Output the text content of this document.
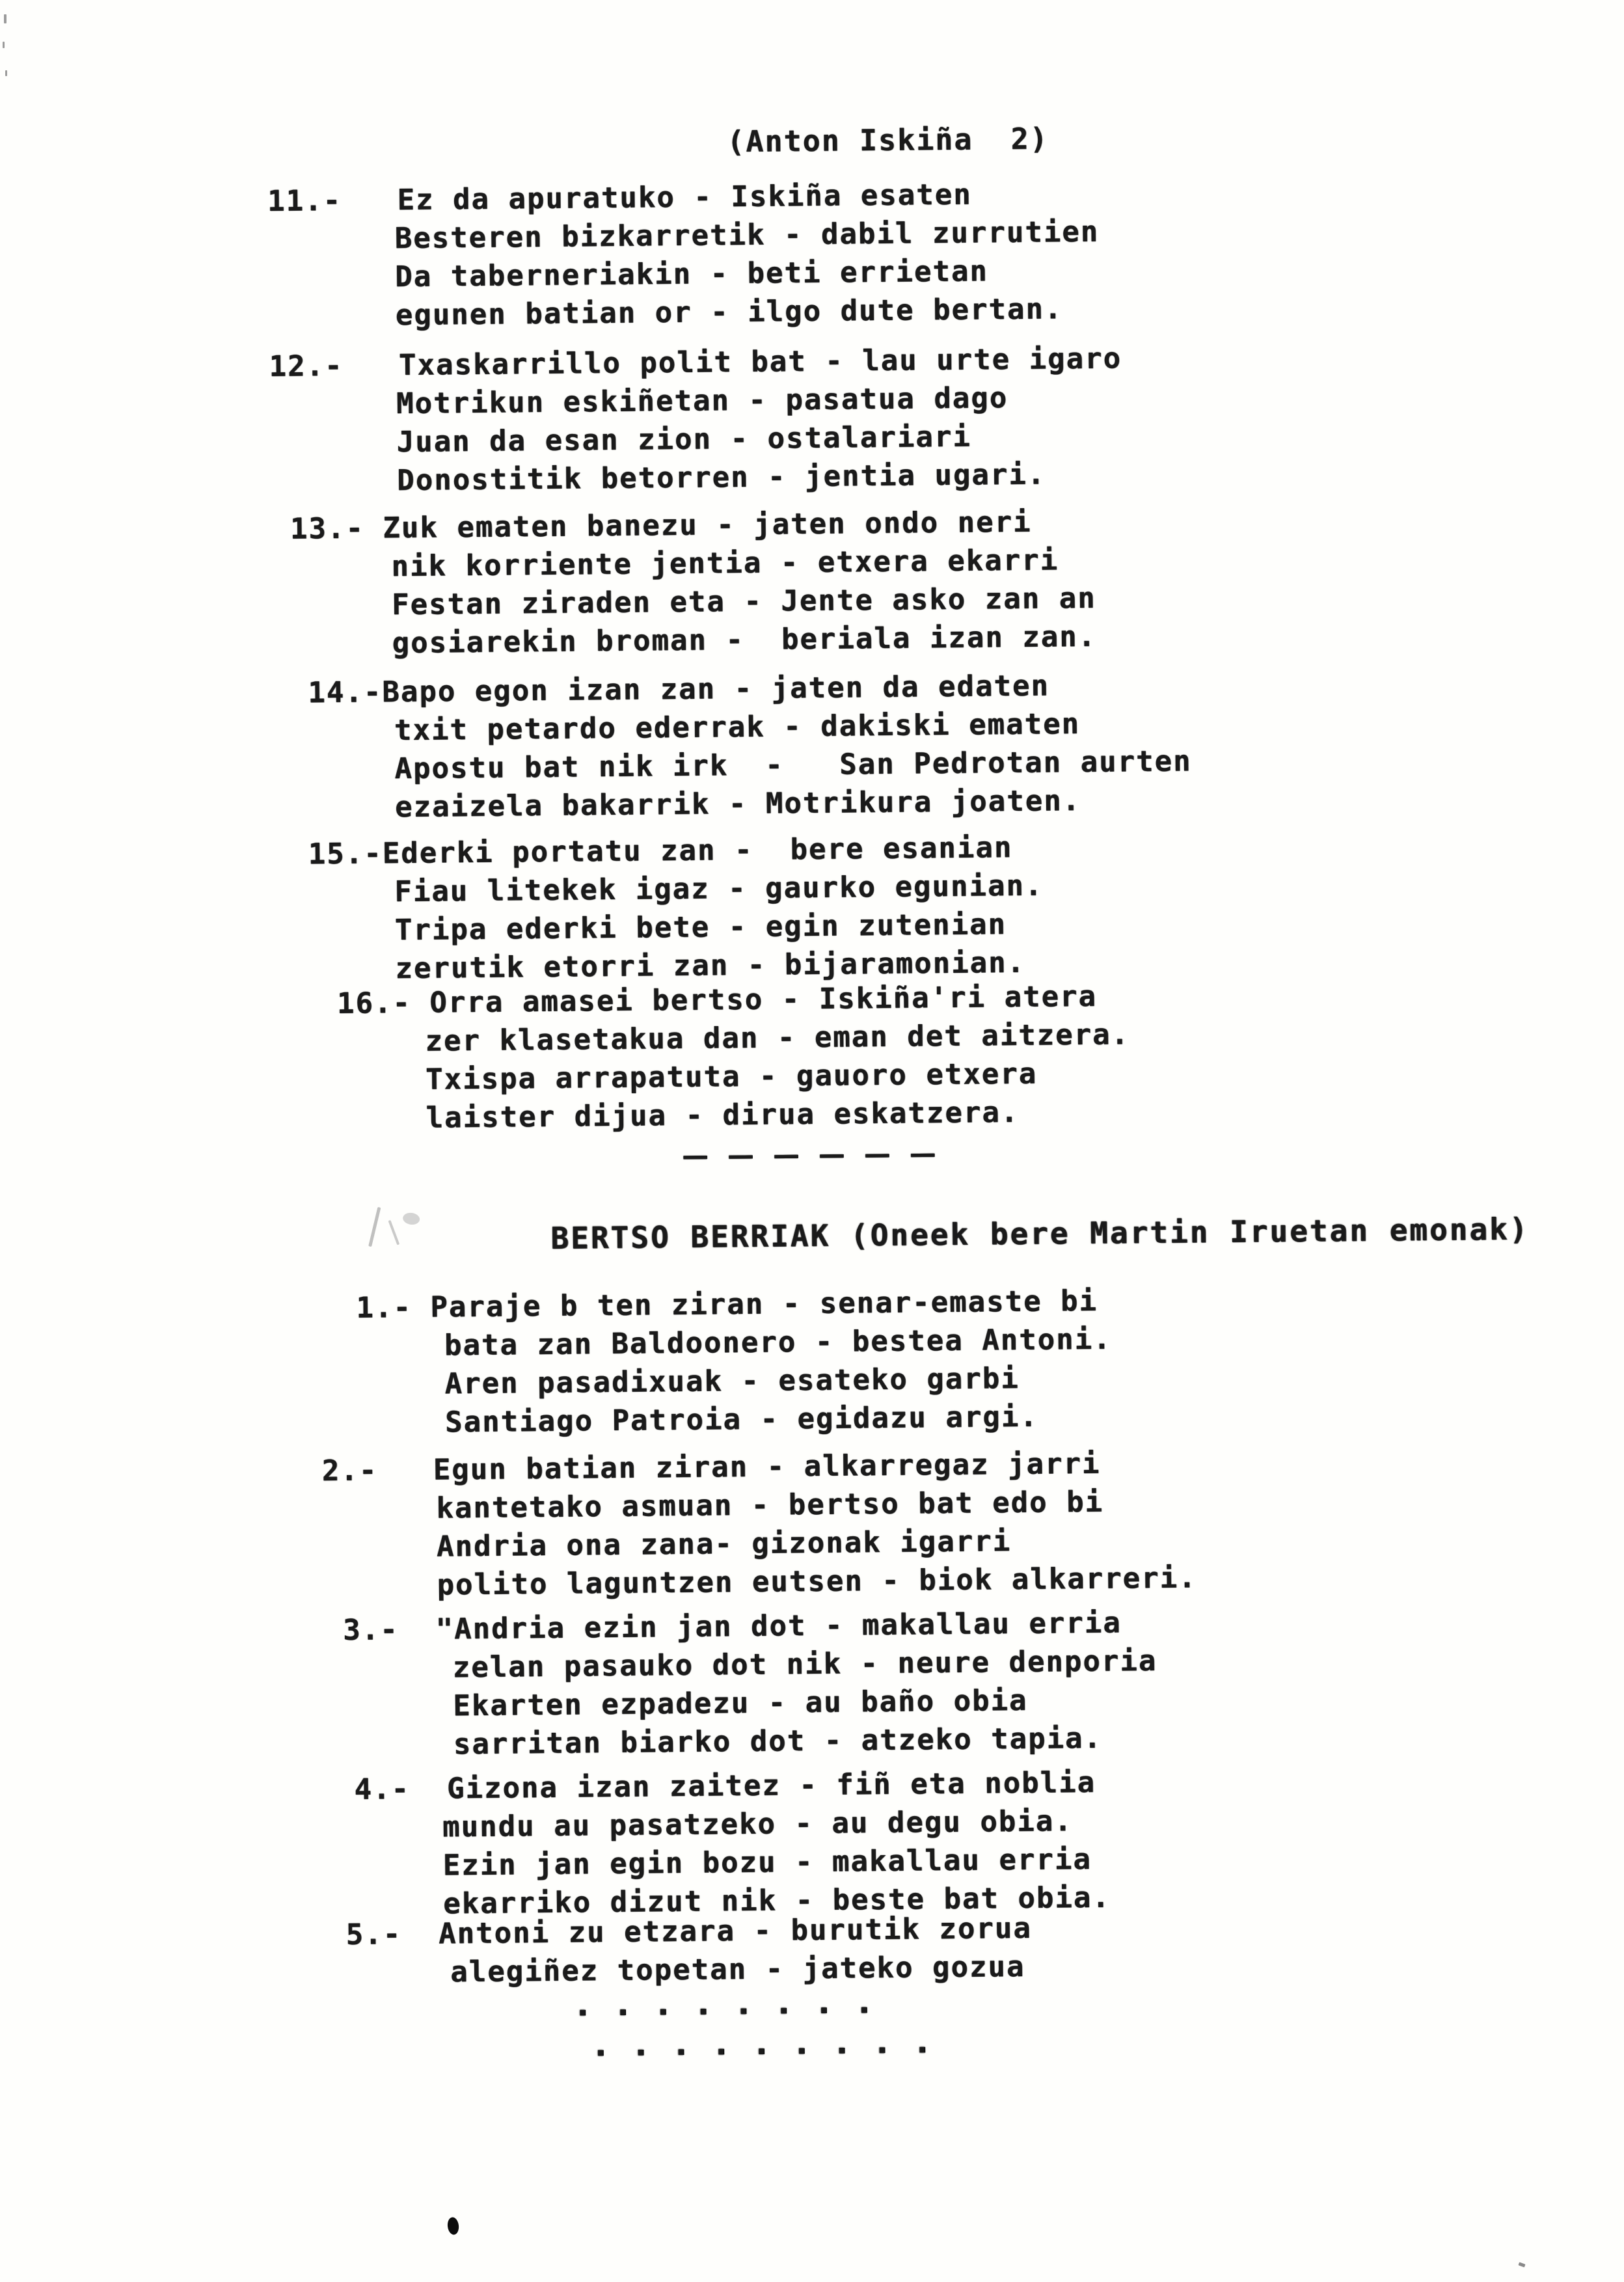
(Anton Iskiña  2)
11.-   Ez da apuratuko - Iskiña esaten
Besteren bizkarretik - dabil zurrutien
Da taberneriakin - beti errietan
egunen batian or - ilgo dute bertan.
12.-   Txaskarrillo polit bat - lau urte igaro
Motrikun eskiñetan - pasatua dago
Juan da esan zion - ostalariari
Donostitik betorren - jentia ugari.
13.- Zuk ematen banezu - jaten ondo neri
nik korriente jentia - etxera ekarri
Festan ziraden eta - Jente asko zan an
gosiarekin broman -  beriala izan zan.
14.-Bapo egon izan zan - jaten da edaten
txit petardo ederrak - dakiski ematen
Apostu bat nik irk  -   San Pedrotan aurten
ezaizela bakarrik - Motrikura joaten.
15.-Ederki portatu zan -  bere esanian
Fiau litekek igaz - gaurko egunian.
Tripa ederki bete - egin zutenian
zerutik etorri zan - bijaramonian.
16.- Orra amasei bertso - Iskiña'ri atera
zer klasetakua dan - eman det aitzera.
Txispa arrapatuta - gauoro etxera
laister dijua - dirua eskatzera.
— — — — — —
BERTSO BERRIAK (Oneek bere Martin Iruetan emonak)
1.- Paraje b ten ziran - senar-emaste bi
bata zan Baldoonero - bestea Antoni.
Aren pasadixuak - esateko garbi
Santiago Patroia - egidazu argi.
2.-   Egun batian ziran - alkarregaz jarri
kantetako asmuan - bertso bat edo bi
Andria ona zana- gizonak igarri
polito laguntzen eutsen - biok alkarreri.
3.-  "Andria ezin jan dot - makallau erria
zelan pasauko dot nik - neure denporia
Ekarten ezpadezu - au baño obia
sarritan biarko dot - atzeko tapia.
4.-  Gizona izan zaitez - fiñ eta noblia
mundu au pasatzeko - au degu obia.
Ezin jan egin bozu - makallau erria
ekarriko dizut nik - beste bat obia.
5.-  Antoni zu etzara - burutik zorua
alegiñez topetan - jateko gozua
. . . . . . . .
. . . . . . . . .
